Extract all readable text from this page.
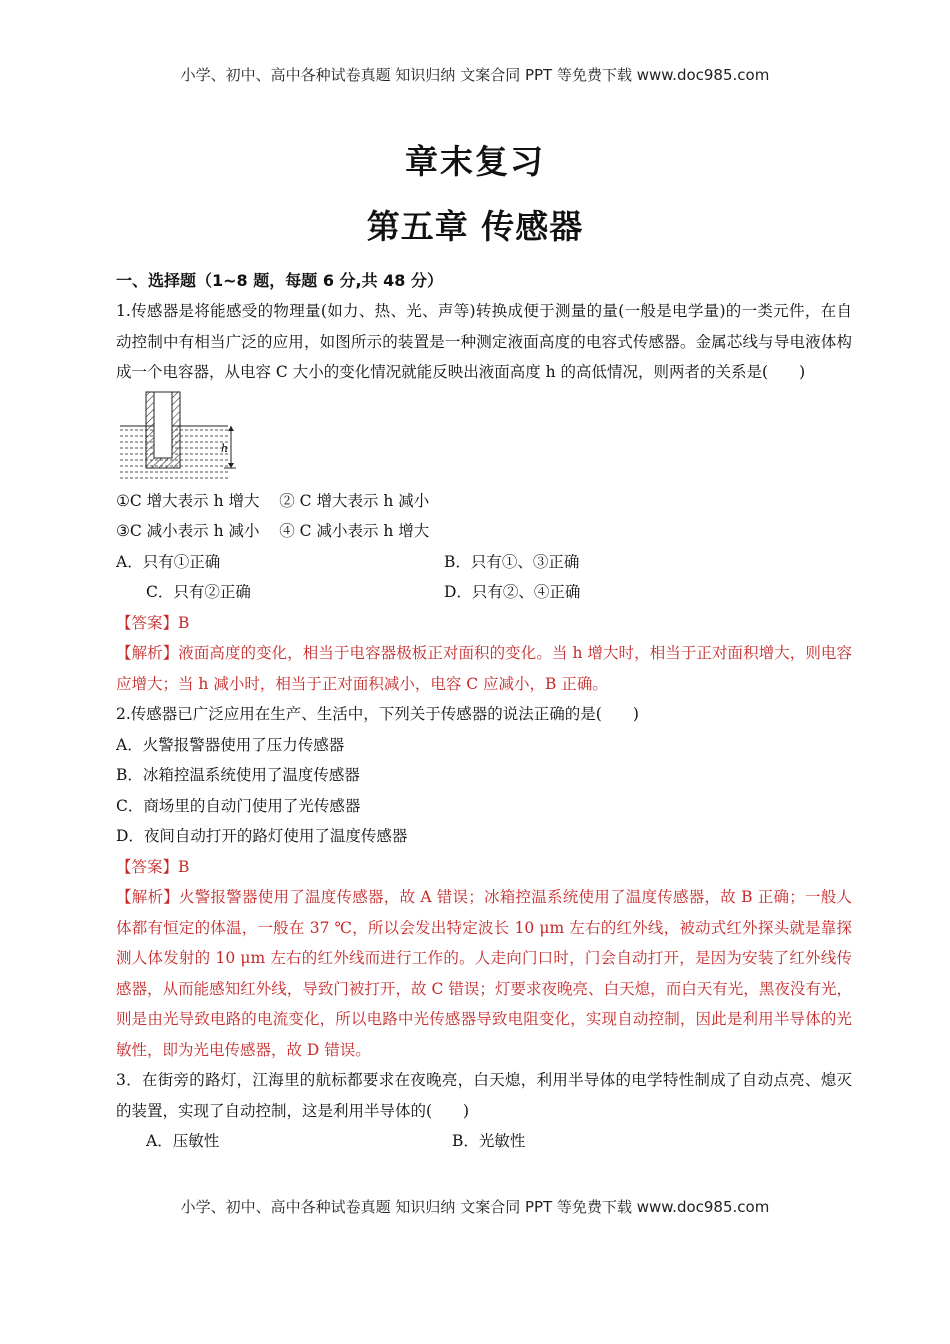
小学、初中、高中各种试卷真题 知识归纳 文案合同 PPT 等免费下载 www.doc985.com
章末复习
第五章 传感器
一、选择题（1~8 题，每题 6 分,共 48 分）
1.传感器是将能感受的物理量(如力、热、光、声等)转换成便于测量的量(一般是电学量)的一类元件，在自动控制中有相当广泛的应用，如图所示的装置是一种测定液面高度的电容式传感器。金属芯线与导电液体构成一个电容器，从电容 C 大小的变化情况就能反映出液面高度 h 的高低情况，则两者的关系是(　　)
h
①C 增大表示 h 增大 ② C 增大表示 h 减小
③C 减小表示 h 减小 ④ C 减小表示 h 增大
A．只有①正确	B．只有①、③正确
C．只有②正确	D．只有②、④正确
【答案】B
【解析】液面高度的变化，相当于电容器极板正对面积的变化。当 h 增大时，相当于正对面积增大，则电容应增大；当 h 减小时，相当于正对面积减小，电容 C 应减小，B 正确。
2.传感器已广泛应用在生产、生活中，下列关于传感器的说法正确的是(　　)
A．火警报警器使用了压力传感器
B．冰箱控温系统使用了温度传感器
C．商场里的自动门使用了光传感器
D．夜间自动打开的路灯使用了温度传感器
【答案】B
【解析】火警报警器使用了温度传感器，故 A 错误；冰箱控温系统使用了温度传感器，故 B 正确；一般人体都有恒定的体温，一般在 37 ℃，所以会发出特定波长 10 μm 左右的红外线，被动式红外探头就是靠探测人体发射的 10 μm 左右的红外线而进行工作的。人走向门口时，门会自动打开，是因为安装了红外线传感器，从而能感知红外线，导致门被打开，故 C 错误；灯要求夜晚亮、白天熄，而白天有光，黑夜没有光，则是由光导致电路的电流变化，所以电路中光传感器导致电阻变化，实现自动控制，因此是利用半导体的光敏性，即为光电传感器，故 D 错误。
3．在街旁的路灯，江海里的航标都要求在夜晚亮，白天熄，利用半导体的电学特性制成了自动点亮、熄灭的装置，实现了自动控制，这是利用半导体的(　　)
A．压敏性	B．光敏性
小学、初中、高中各种试卷真题 知识归纳 文案合同 PPT 等免费下载 www.doc985.com
